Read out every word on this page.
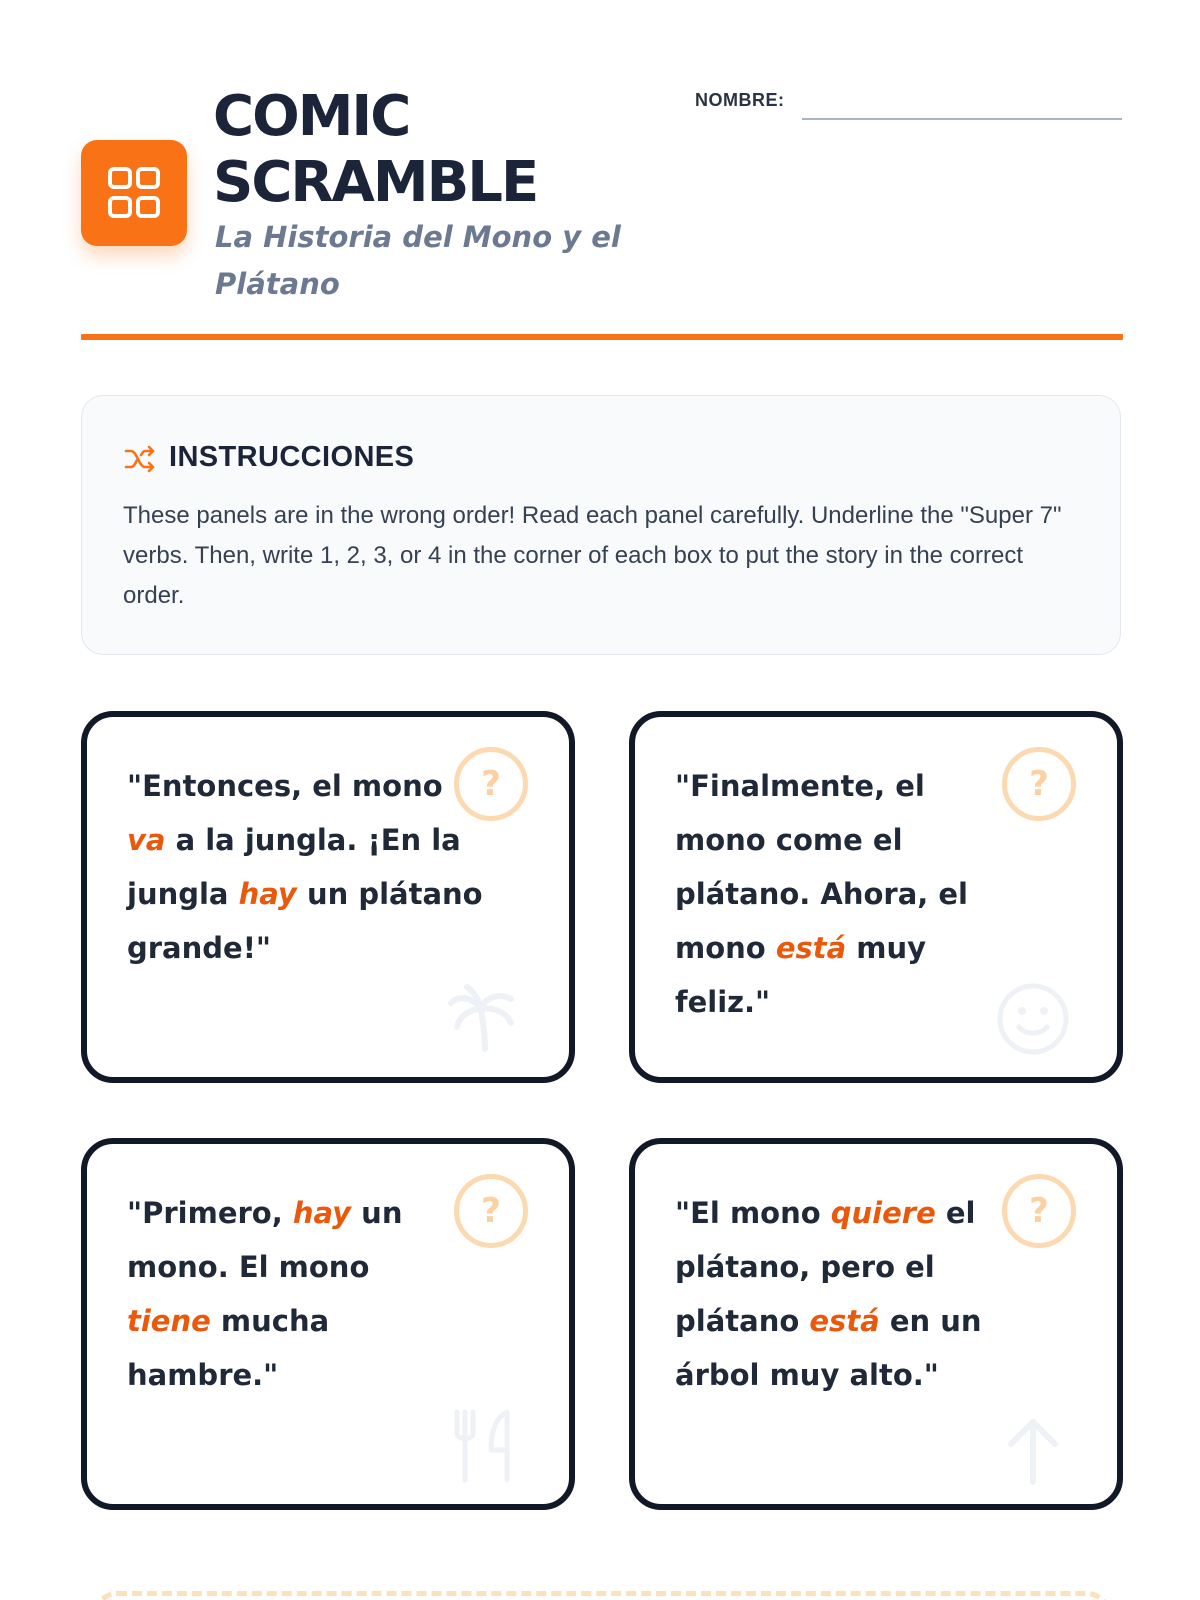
COMIC
SCRAMBLE
La Historia del Mono y el Plátano
NOMBRE:
INSTRUCCIONES
These panels are in the wrong order! Read each panel carefully. Underline the "Super 7" verbs. Then, write 1, 2, 3, or 4 in the corner of each box to put the story in the correct order.

"Entonces, el mono va a la jungla. ¡En la jungla hay un plátano grande!"

?	"Finalmente, el mono come el plátano. Ahora, el mono está muy feliz."

?

"Primero, hay un mono. El mono tiene mucha hambre."

?	"El mono quiere el plátano, pero el plátano está en un árbol muy alto."

?
